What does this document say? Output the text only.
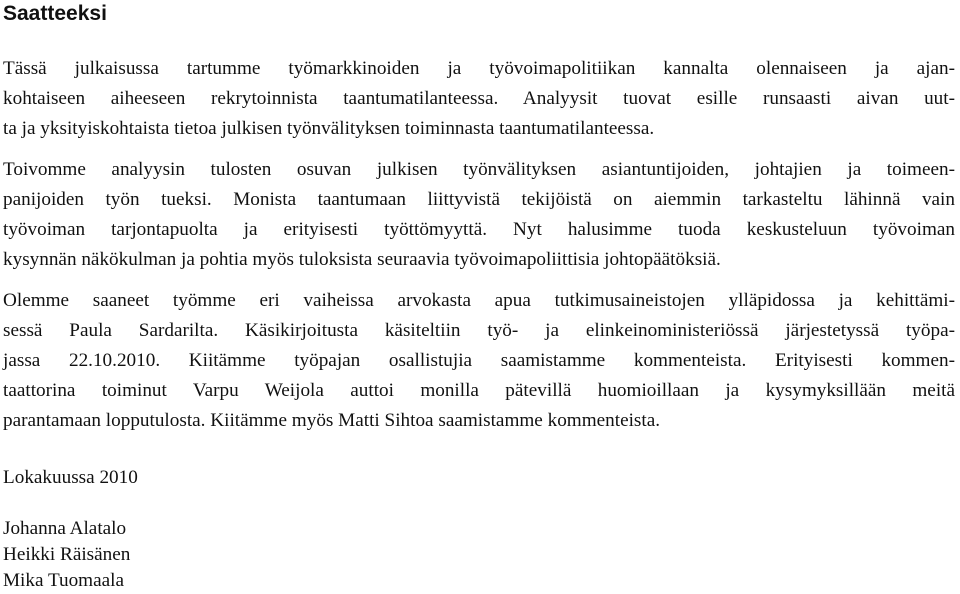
Saatteeksi
Tässä julkaisussa tartumme työmarkkinoiden ja työvoimapolitiikan kannalta olennaiseen ja ajan-
kohtaiseen aiheeseen rekrytoinnista taantumatilanteessa. Analyysit tuovat esille runsaasti aivan uut-
ta ja yksityiskohtaista tietoa julkisen työnvälityksen toiminnasta taantumatilanteessa.
Toivomme analyysin tulosten osuvan julkisen työnvälityksen asiantuntijoiden, johtajien ja toimeen-
panijoiden työn tueksi. Monista taantumaan liittyvistä tekijöistä on aiemmin tarkasteltu lähinnä vain
työvoiman tarjontapuolta ja erityisesti työttömyyttä. Nyt halusimme tuoda keskusteluun työvoiman
kysynnän näkökulman ja pohtia myös tuloksista seuraavia työvoimapoliittisia johtopäätöksiä.
Olemme saaneet työmme eri vaiheissa arvokasta apua tutkimusaineistojen ylläpidossa ja kehittämi-
sessä Paula Sardarilta. Käsikirjoitusta käsiteltiin työ- ja elinkeinoministeriössä järjestetyssä työpa-
jassa 22.10.2010. Kiitämme työpajan osallistujia saamistamme kommenteista. Erityisesti kommen-
taattorina toiminut Varpu Weijola auttoi monilla pätevillä huomioillaan ja kysymyksillään meitä
parantamaan lopputulosta. Kiitämme myös Matti Sihtoa saamistamme kommenteista.
Lokakuussa 2010
Johanna Alatalo
Heikki Räisänen
Mika Tuomaala
